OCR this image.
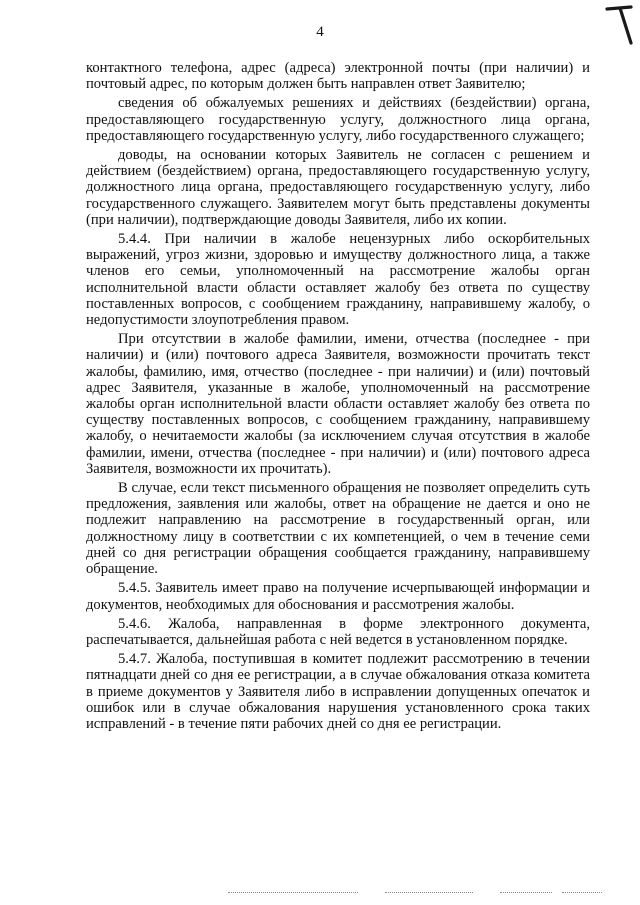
4

контактного телефона, адрес (адреса) электронной почты (при наличии) и почтовый адрес, по которым должен быть направлен ответ Заявителю;

сведения об обжалуемых решениях и действиях (бездействии) органа, предоставляющего государственную услугу, должностного лица органа, предоставляющего государственную услугу, либо государственного служащего;

доводы, на основании которых Заявитель не согласен с решением и действием (бездействием) органа, предоставляющего государственную услугу, должностного лица органа, предоставляющего государственную услугу, либо государственного служащего. Заявителем могут быть представлены документы (при наличии), подтверждающие доводы Заявителя, либо их копии.

5.4.4. При наличии в жалобе нецензурных либо оскорбительных выражений, угроз жизни, здоровью и имуществу должностного лица, а также членов его семьи, уполномоченный на рассмотрение жалобы орган исполнительной власти области оставляет жалобу без ответа по существу поставленных вопросов, с сообщением гражданину, направившему жалобу, о недопустимости злоупотребления правом.

При отсутствии в жалобе фамилии, имени, отчества (последнее - при наличии) и (или) почтового адреса Заявителя, возможности прочитать текст жалобы, фамилию, имя, отчество (последнее - при наличии) и (или) почтовый адрес Заявителя, указанные в жалобе, уполномоченный на рассмотрение жалобы орган исполнительной власти области оставляет жалобу без ответа по существу поставленных вопросов, с сообщением гражданину, направившему жалобу, о нечитаемости жалобы (за исключением случая отсутствия в жалобе фамилии, имени, отчества (последнее - при наличии) и (или) почтового адреса Заявителя, возможности их прочитать).

В случае, если текст письменного обращения не позволяет определить суть предложения, заявления или жалобы, ответ на обращение не дается и оно не подлежит направлению на рассмотрение в государственный орган, или должностному лицу в соответствии с их компетенцией, о чем в течение семи дней со дня регистрации обращения сообщается гражданину, направившему обращение.

5.4.5. Заявитель имеет право на получение исчерпывающей информации и документов, необходимых для обоснования и рассмотрения жалобы.

5.4.6. Жалоба, направленная в форме электронного документа, распечатывается, дальнейшая работа с ней ведется в установленном порядке.

5.4.7. Жалоба, поступившая в комитет подлежит рассмотрению в течении пятнадцати дней со дня ее регистрации, а в случае обжалования отказа комитета в приеме документов у Заявителя либо в исправлении допущенных опечаток и ошибок или в случае обжалования нарушения установленного срока таких исправлений - в течение пяти рабочих дней со дня ее регистрации.
